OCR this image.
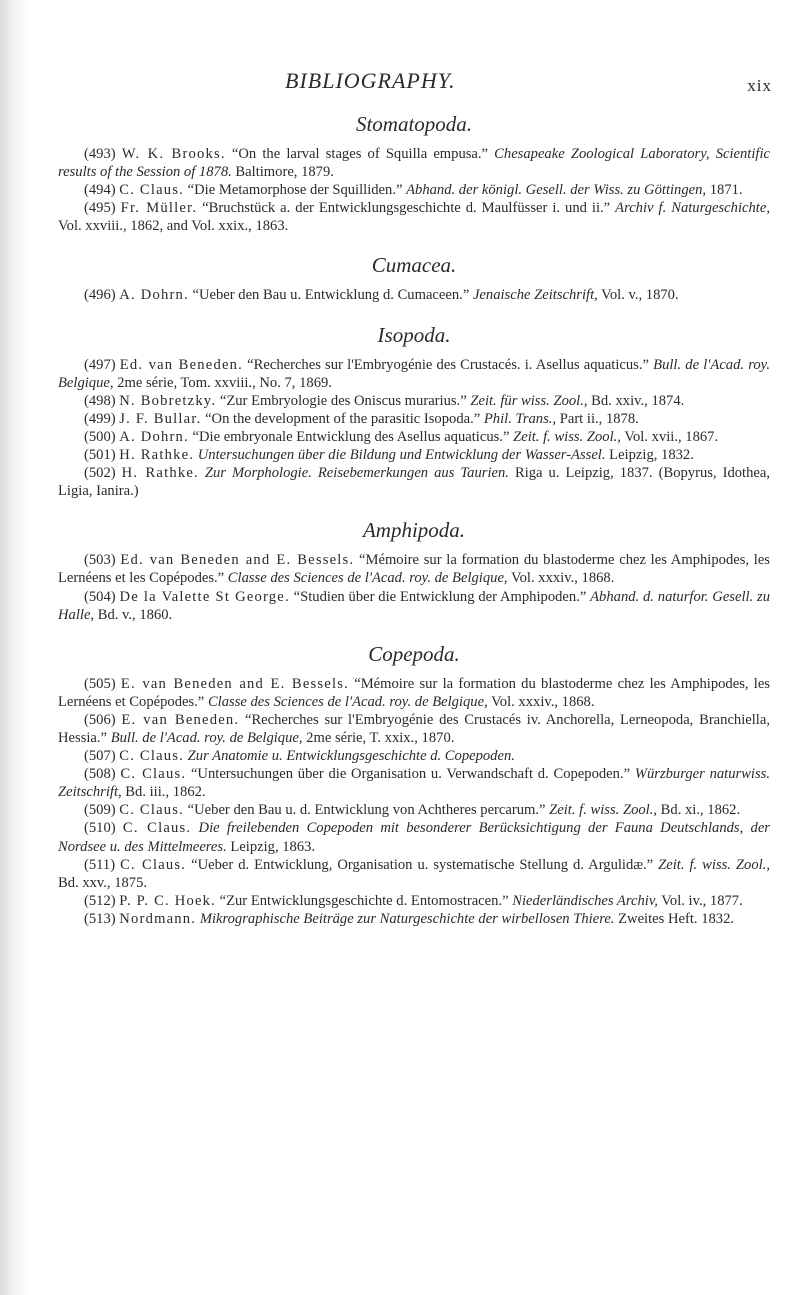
BIBLIOGRAPHY.	xix
Stomatopoda.

(493) W. K. Brooks. “On the larval stages of Squilla empusa.” Chesapeake Zoological Laboratory, Scientific results of the Session of 1878. Baltimore, 1879.

(494) C. Claus. “Die Metamorphose der Squilliden.” Abhand. der königl. Gesell. der Wiss. zu Göttingen, 1871.

(495) Fr. Müller. “Bruchstück a. der Entwicklungsgeschichte d. Maulfüsser i. und ii.” Archiv f. Naturgeschichte, Vol. xxviii., 1862, and Vol. xxix., 1863.

Cumacea.

(496) A. Dohrn. “Ueber den Bau u. Entwicklung d. Cumaceen.” Jenaische Zeitschrift, Vol. v., 1870.

Isopoda.

(497) Ed. van Beneden. “Recherches sur l'Embryogénie des Crustacés. i. Asellus aquaticus.” Bull. de l'Acad. roy. Belgique, 2me série, Tom. xxviii., No. 7, 1869.

(498) N. Bobretzky. “Zur Embryologie des Oniscus murarius.” Zeit. für wiss. Zool., Bd. xxiv., 1874.

(499) J. F. Bullar. “On the development of the parasitic Isopoda.” Phil. Trans., Part ii., 1878.

(500) A. Dohrn. “Die embryonale Entwicklung des Asellus aquaticus.” Zeit. f. wiss. Zool., Vol. xvii., 1867.

(501) H. Rathke. Untersuchungen über die Bildung und Entwicklung der Wasser-Assel. Leipzig, 1832.

(502) H. Rathke. Zur Morphologie. Reisebemerkungen aus Taurien. Riga u. Leipzig, 1837. (Bopyrus, Idothea, Ligia, Ianira.)

Amphipoda.

(503) Ed. van Beneden and E. Bessels. “Mémoire sur la formation du blastoderme chez les Amphipodes, les Lernéens et les Copépodes.” Classe des Sciences de l'Acad. roy. de Belgique, Vol. xxxiv., 1868.

(504) De la Valette St George. “Studien über die Entwicklung der Amphipoden.” Abhand. d. naturfor. Gesell. zu Halle, Bd. v., 1860.

Copepoda.

(505) E. van Beneden and E. Bessels. “Mémoire sur la formation du blastoderme chez les Amphipodes, les Lernéens et Copépodes.” Classe des Sciences de l'Acad. roy. de Belgique, Vol. xxxiv., 1868.

(506) E. van Beneden. “Recherches sur l'Embryogénie des Crustacés iv. Anchorella, Lerneopoda, Branchiella, Hessia.” Bull. de l'Acad. roy. de Belgique, 2me série, T. xxix., 1870.

(507) C. Claus. Zur Anatomie u. Entwicklungsgeschichte d. Copepoden.

(508) C. Claus. “Untersuchungen über die Organisation u. Verwandschaft d. Copepoden.” Würzburger naturwiss. Zeitschrift, Bd. iii., 1862.

(509) C. Claus. “Ueber den Bau u. d. Entwicklung von Achtheres percarum.” Zeit. f. wiss. Zool., Bd. xi., 1862.

(510) C. Claus. Die freilebenden Copepoden mit besonderer Berücksichtigung der Fauna Deutschlands, der Nordsee u. des Mittelmeeres. Leipzig, 1863.

(511) C. Claus. “Ueber d. Entwicklung, Organisation u. systematische Stellung d. Argulidæ.” Zeit. f. wiss. Zool., Bd. xxv., 1875.

(512) P. P. C. Hoek. “Zur Entwicklungsgeschichte d. Entomostracen.” Niederländisches Archiv, Vol. iv., 1877.

(513) Nordmann. Mikrographische Beiträge zur Naturgeschichte der wirbellosen Thiere. Zweites Heft. 1832.
